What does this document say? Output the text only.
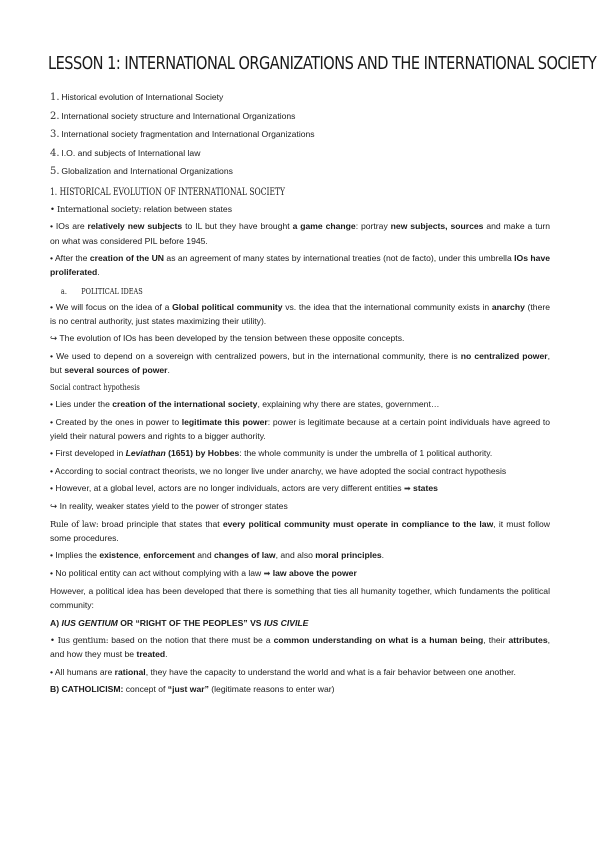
LESSON 1: INTERNATIONAL ORGANIZATIONS AND THE INTERNATIONAL SOCIETY
1. Historical evolution of International Society
2. International society structure and International Organizations
3. International society fragmentation and International Organizations
4. I.O. and subjects of International law
5. Globalization and International Organizations
1. HISTORICAL EVOLUTION OF INTERNATIONAL SOCIETY

• International society: relation between states

• IOs are relatively new subjects to IL but they have brought a game change: portray new subjects, sources and make a turn on what was considered PIL before 1945.

• After the creation of the UN as an agreement of many states by international treaties (not de facto), under this umbrella IOs have proliferated.

a. POLITICAL IDEAS

• We will focus on the idea of a Global political community vs. the idea that the international community exists in anarchy (there is no central authority, just states maximizing their utility).

↪ The evolution of IOs has been developed by the tension between these opposite concepts.

• We used to depend on a sovereign with centralized powers, but in the international community, there is no centralized power, but several sources of power.

Social contract hypothesis

• Lies under the creation of the international society, explaining why there are states, government…

• Created by the ones in power to legitimate this power: power is legitimate because at a certain point individuals have agreed to yield their natural powers and rights to a bigger authority.

• First developed in Leviathan (1651) by Hobbes: the whole community is under the umbrella of 1 political authority.

• According to social contract theorists, we no longer live under anarchy, we have adopted the social contract hypothesis

• However, at a global level, actors are no longer individuals, actors are very different entities ➡ states

↪ In reality, weaker states yield to the power of stronger states

Rule of law: broad principle that states that every political community must operate in compliance to the law, it must follow some procedures.

• Implies the existence, enforcement and changes of law, and also moral principles.

• No political entity can act without complying with a law ➡ law above the power

However, a political idea has been developed that there is something that ties all humanity together, which fundaments the political community:

A) IUS GENTIUM OR “RIGHT OF THE PEOPLES” VS IUS CIVILE

• Ius gentium: based on the notion that there must be a common understanding on what is a human being, their attributes, and how they must be treated.

• All humans are rational, they have the capacity to understand the world and what is a fair behavior between one another.

B) CATHOLICISM: concept of “just war” (legitimate reasons to enter war)
